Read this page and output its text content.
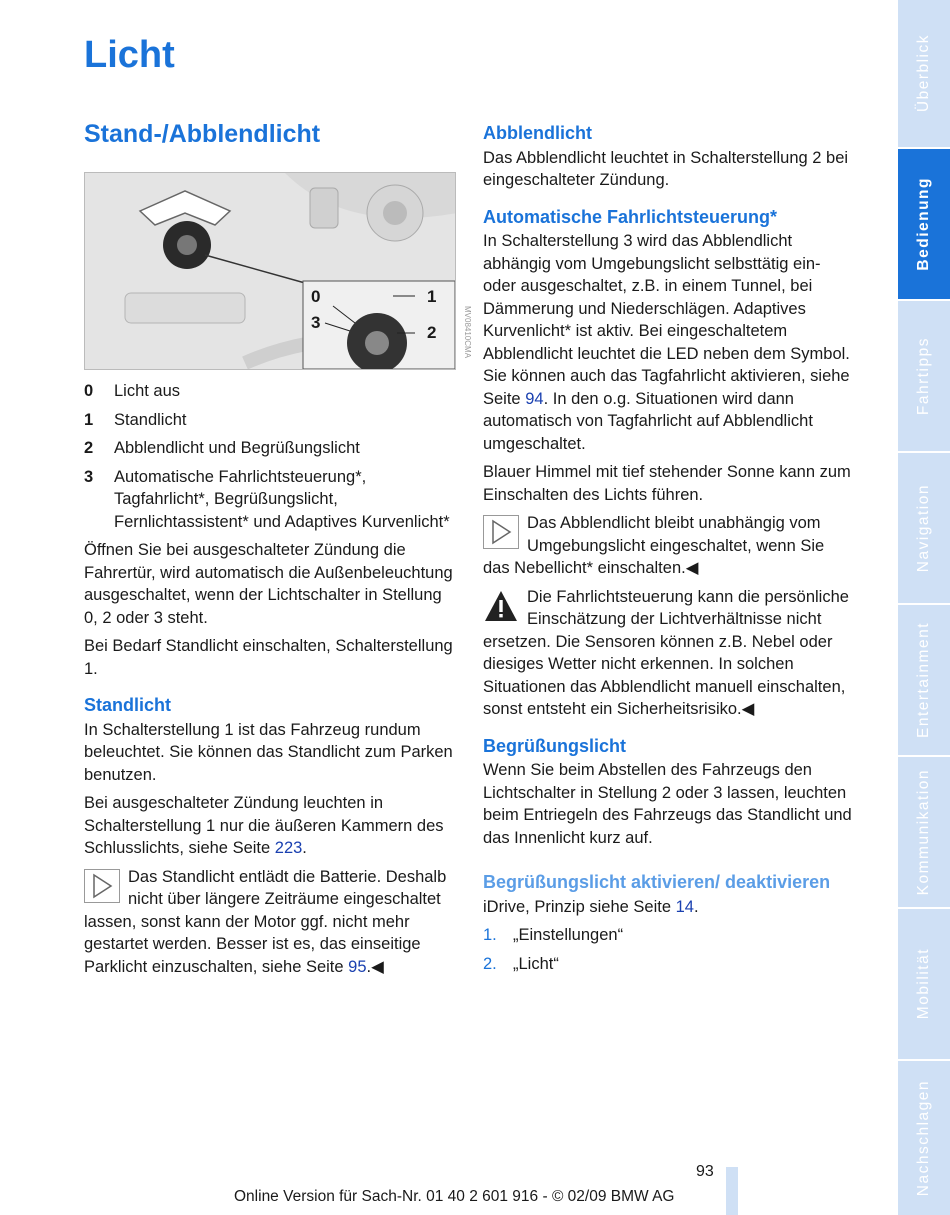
Licht
Stand-/Abblendlicht
0	1
3
2	MV08410CMA
0	Licht aus
1	Standlicht
2	Abblendlicht und Begrüßungslicht
3	Automatische Fahrlichtsteuerung*, Tagfahrlicht*, Begrüßungslicht, Fernlichtassistent* und Adaptives Kurvenlicht*

Öffnen Sie bei ausgeschalteter Zündung die Fahrertür, wird automatisch die Außenbeleuchtung ausgeschaltet, wenn der Lichtschalter in Stellung 0, 2 oder 3 steht.

Bei Bedarf Standlicht einschalten, Schalterstellung 1.

Standlicht

In Schalterstellung 1 ist das Fahrzeug rundum beleuchtet. Sie können das Standlicht zum Parken benutzen.

Bei ausgeschalteter Zündung leuchten in Schalterstellung 1 nur die äußeren Kammern des Schlusslichts, siehe Seite 223.

Das Standlicht entlädt die Batterie. Deshalb nicht über längere Zeiträume eingeschaltet lassen, sonst kann der Motor ggf. nicht mehr gestartet werden. Besser ist es, das einseitige Parklicht einzuschalten, siehe Seite 95.◀

Abblendlicht

Das Abblendlicht leuchtet in Schalterstellung 2 bei eingeschalteter Zündung.

Automatische Fahrlichtsteuerung*

In Schalterstellung 3 wird das Abblendlicht abhängig vom Umgebungslicht selbsttätig ein- oder ausgeschaltet, z.B. in einem Tunnel, bei Dämmerung und Niederschlägen. Adaptives Kurvenlicht* ist aktiv. Bei eingeschaltetem Abblendlicht leuchtet die LED neben dem Symbol. Sie können auch das Tagfahrlicht aktivieren, siehe Seite 94. In den o.g. Situationen wird dann automatisch von Tagfahrlicht auf Abblendlicht umgeschaltet.

Blauer Himmel mit tief stehender Sonne kann zum Einschalten des Lichts führen.

Das Abblendlicht bleibt unabhängig vom Umgebungslicht eingeschaltet, wenn Sie das Nebellicht* einschalten.◀

Die Fahrlichtsteuerung kann die persönliche Einschätzung der Lichtverhältnisse nicht ersetzen. Die Sensoren können z.B. Nebel oder diesiges Wetter nicht erkennen. In solchen Situationen das Abblendlicht manuell einschalten, sonst entsteht ein Sicherheitsrisiko.◀

Begrüßungslicht

Wenn Sie beim Abstellen des Fahrzeugs den Lichtschalter in Stellung 2 oder 3 lassen, leuchten beim Entriegeln des Fahrzeugs das Standlicht und das Innenlicht kurz auf.

Begrüßungslicht aktivieren/ deaktivieren

iDrive, Prinzip siehe Seite 14.

1. „Einstellungen“
2. „Licht“
Überblick
Bedienung
Fahrtipps
Navigation
Entertainment
Kommunikation
Mobilität
Nachschlagen
93
Online Version für Sach-Nr. 01 40 2 601 916 - © 02/09 BMW AG
